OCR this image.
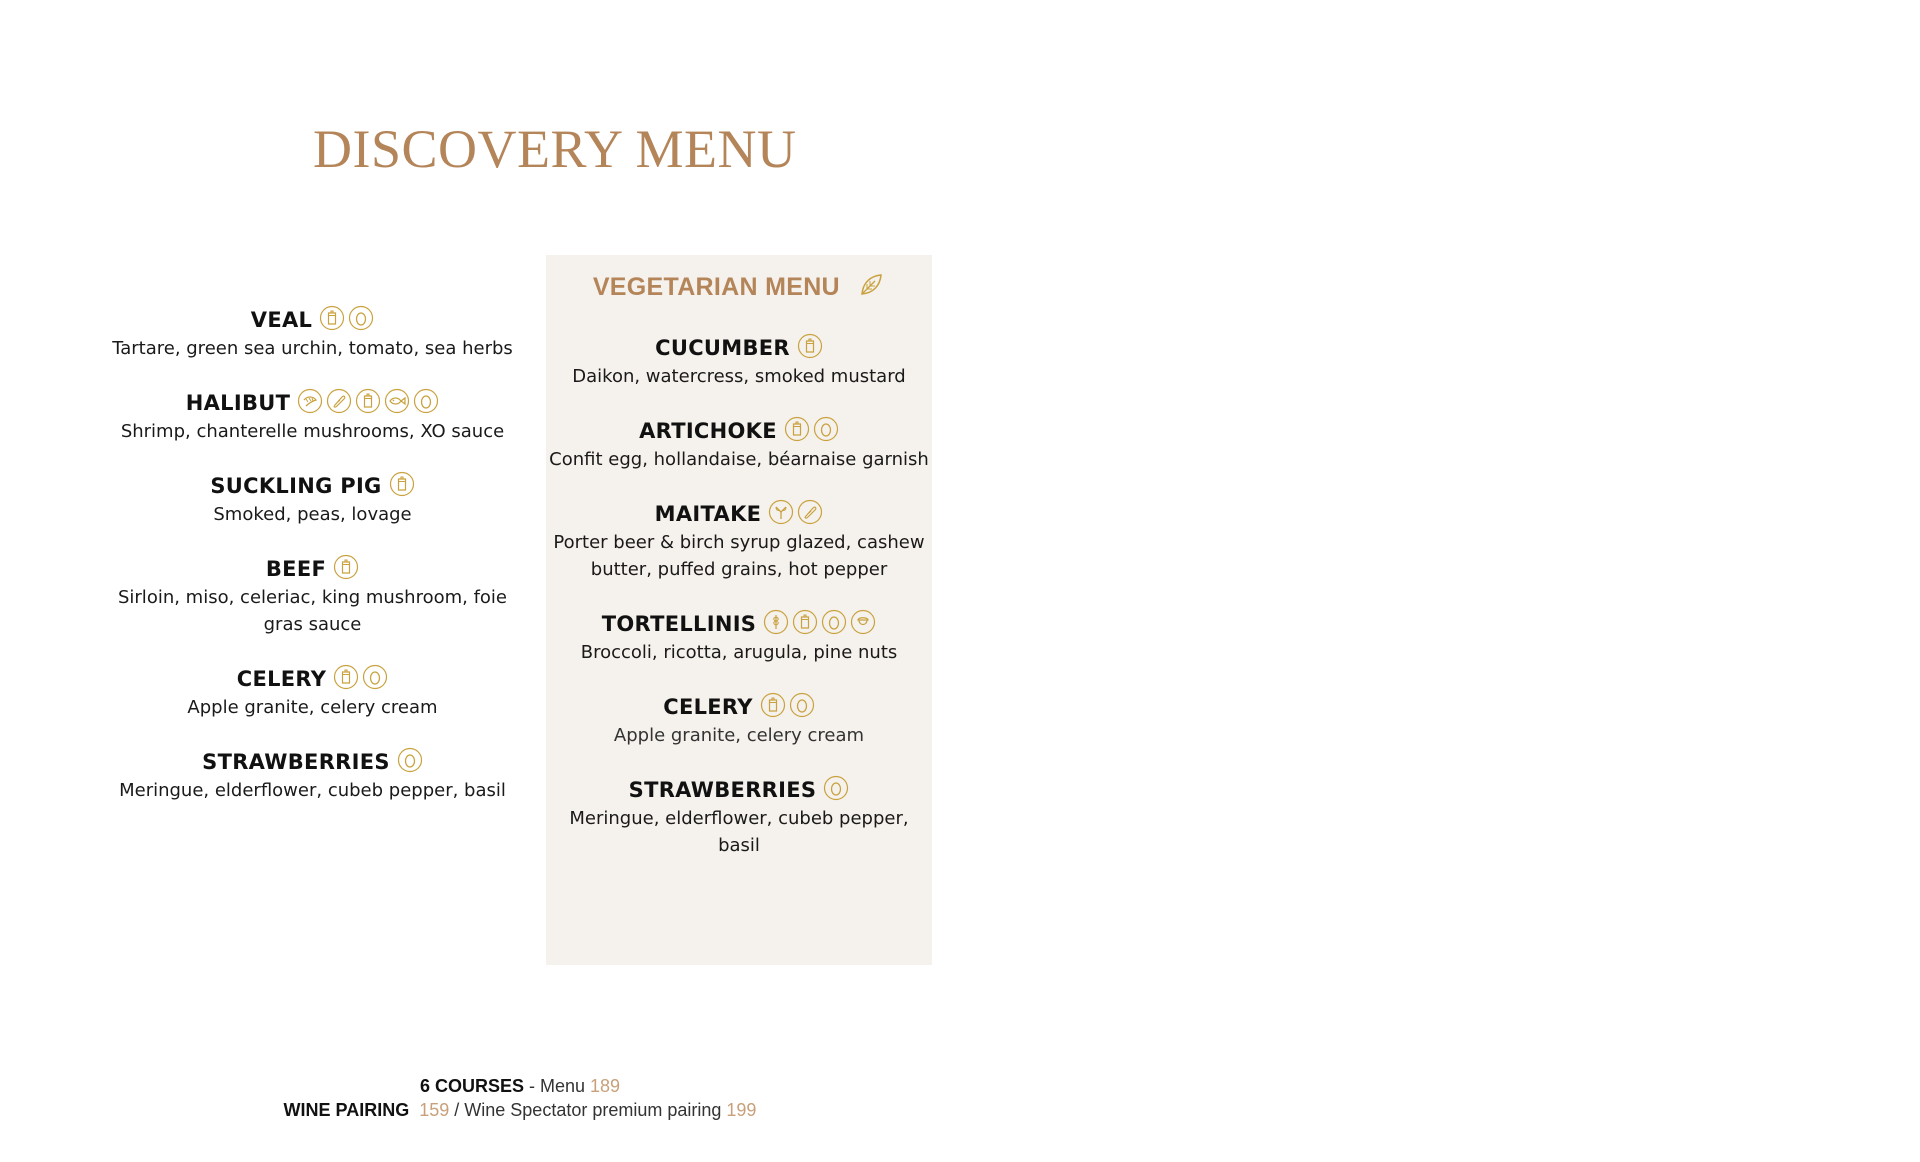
DISCOVERY MENU
VEAL
Tartare, green sea urchin, tomato, sea herbs
HALIBUT
Shrimp, chanterelle mushrooms, XO sauce
SUCKLING PIG
Smoked, peas, lovage
BEEF
Sirloin, miso, celeriac, king mushroom, foie gras sauce
CELERY
Apple granite, celery cream
STRAWBERRIES
Meringue, elderflower, cubeb pepper, basil
VEGETARIAN MENU
CUCUMBER
Daikon, watercress, smoked mustard
ARTICHOKE
Confit egg, hollandaise, béarnaise garnish
MAITAKE
Porter beer & birch syrup glazed, cashew butter, puffed grains, hot pepper
TORTELLINIS
Broccoli, ricotta, arugula, pine nuts
CELERY
Apple granite, celery cream
STRAWBERRIES
Meringue, elderflower, cubeb pepper, basil
6 COURSES - Menu 189
WINE PAIRING 159 / Wine Spectator premium pairing 199
